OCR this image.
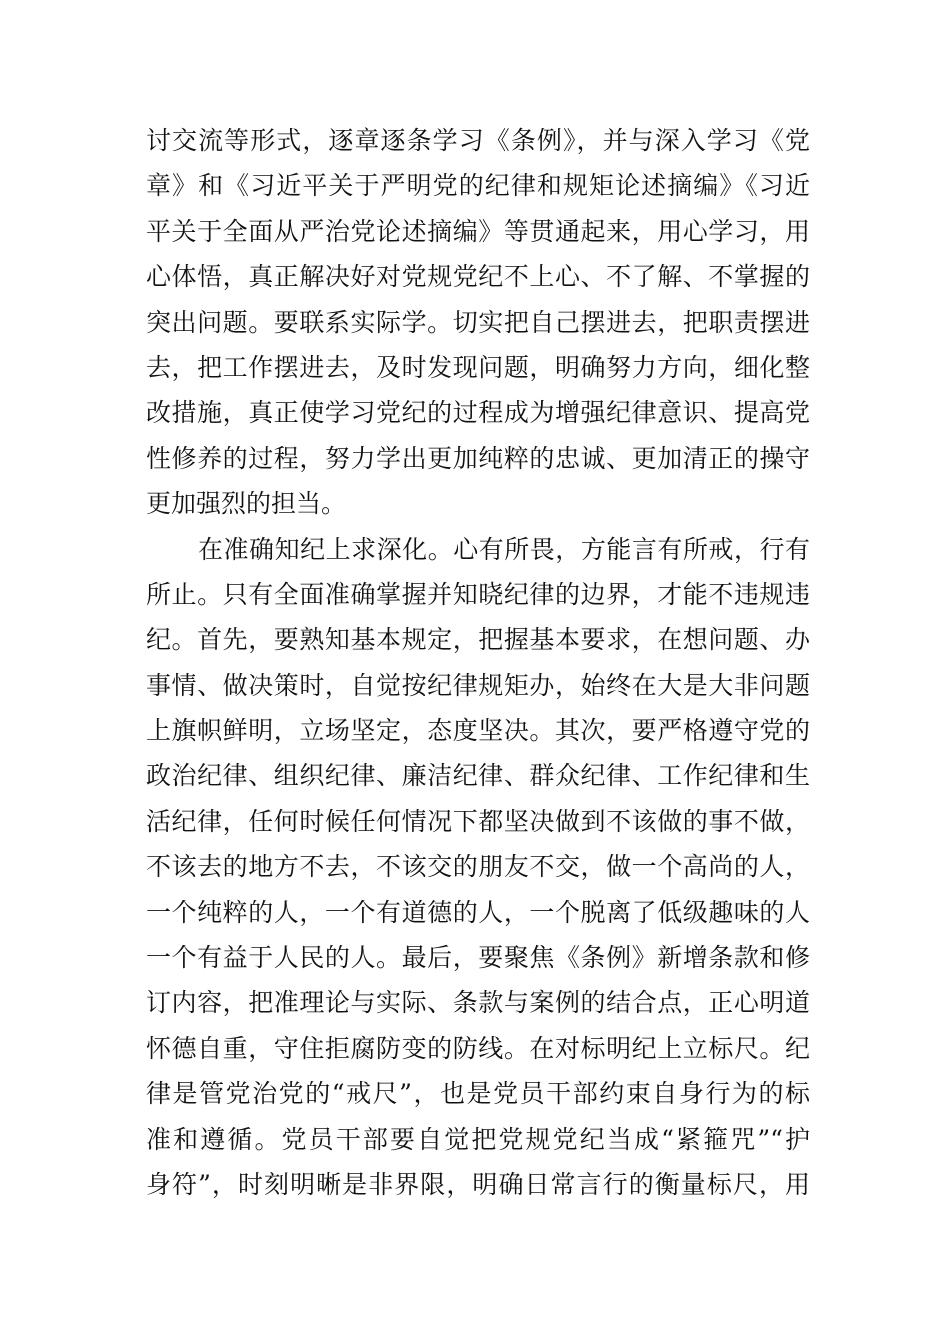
讨交流等形式，逐章逐条学习《条例》，并与深入学习《党
章》和《习近平关于严明党的纪律和规矩论述摘编》《习近
平关于全面从严治党论述摘编》等贯通起来，用心学习，用
心体悟，真正解决好对党规党纪不上心、不了解、不掌握的
突出问题。要联系实际学。切实把自己摆进去，把职责摆进
去，把工作摆进去，及时发现问题，明确努力方向，细化整
改措施，真正使学习党纪的过程成为增强纪律意识、提高党
性修养的过程，努力学出更加纯粹的忠诚、更加清正的操守
更加强烈的担当。
在准确知纪上求深化。心有所畏，方能言有所戒，行有
所止。只有全面准确掌握并知晓纪律的边界，才能不违规违
纪。首先，要熟知基本规定，把握基本要求，在想问题、办
事情、做决策时，自觉按纪律规矩办，始终在大是大非问题
上旗帜鲜明，立场坚定，态度坚决。其次，要严格遵守党的
政治纪律、组织纪律、廉洁纪律、群众纪律、工作纪律和生
活纪律，任何时候任何情况下都坚决做到不该做的事不做，
不该去的地方不去，不该交的朋友不交，做一个高尚的人，
一个纯粹的人，一个有道德的人，一个脱离了低级趣味的人
一个有益于人民的人。最后，要聚焦《条例》新增条款和修
订内容，把准理论与实际、条款与案例的结合点，正心明道
怀德自重，守住拒腐防变的防线。在对标明纪上立标尺。纪
律是管党治党的“戒尺”，也是党员干部约束自身行为的标
准和遵循。党员干部要自觉把党规党纪当成“紧箍咒”“护
身符”，时刻明晰是非界限，明确日常言行的衡量标尺，用
